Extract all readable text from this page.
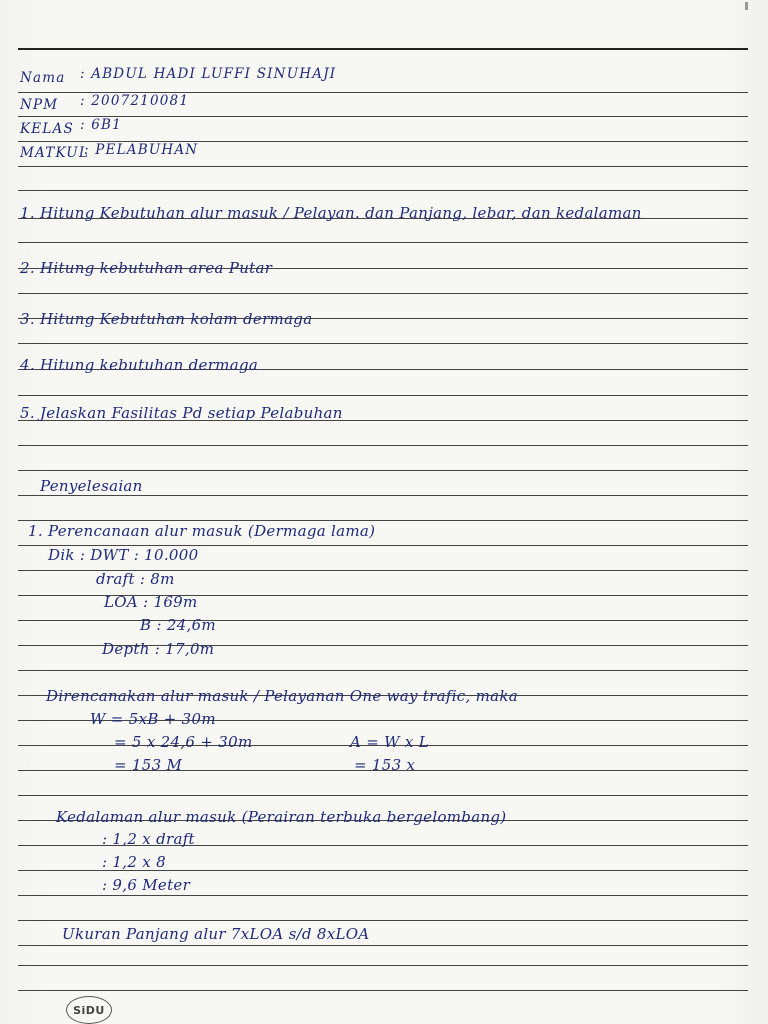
Nama : ABDUL HADI LUFFI SINUHAJI
NPM : 2007210081
KELAS : 6B1
MATKUL
: PELABUHAN
1. Hitung Kebutuhan alur masuk / Pelayan. dan Panjang, lebar, dan kedalaman
2. Hitung kebutuhan area Putar
3. Hitung Kebutuhan kolam dermaga
4. Hitung kebutuhan dermaga
5. Jelaskan Fasilitas Pd setiap Pelabuhan
Penyelesaian
1. Perencanaan alur masuk (Dermaga lama)
Dik : DWT : 10.000
draft : 8m
LOA : 169m
B : 24,6m
Depth : 17,0m
Direncanakan alur masuk / Pelayanan One way trafic, maka
W = 5xB + 30m
= 5 x 24,6 + 30m
= 153 M
A = W x L
= 153 x
Kedalaman alur masuk (Perairan terbuka bergelombang)
: 1,2 x draft
: 1,2 x 8
: 9,6 Meter
Ukuran Panjang alur 7xLOA s/d 8xLOA
SiDU
